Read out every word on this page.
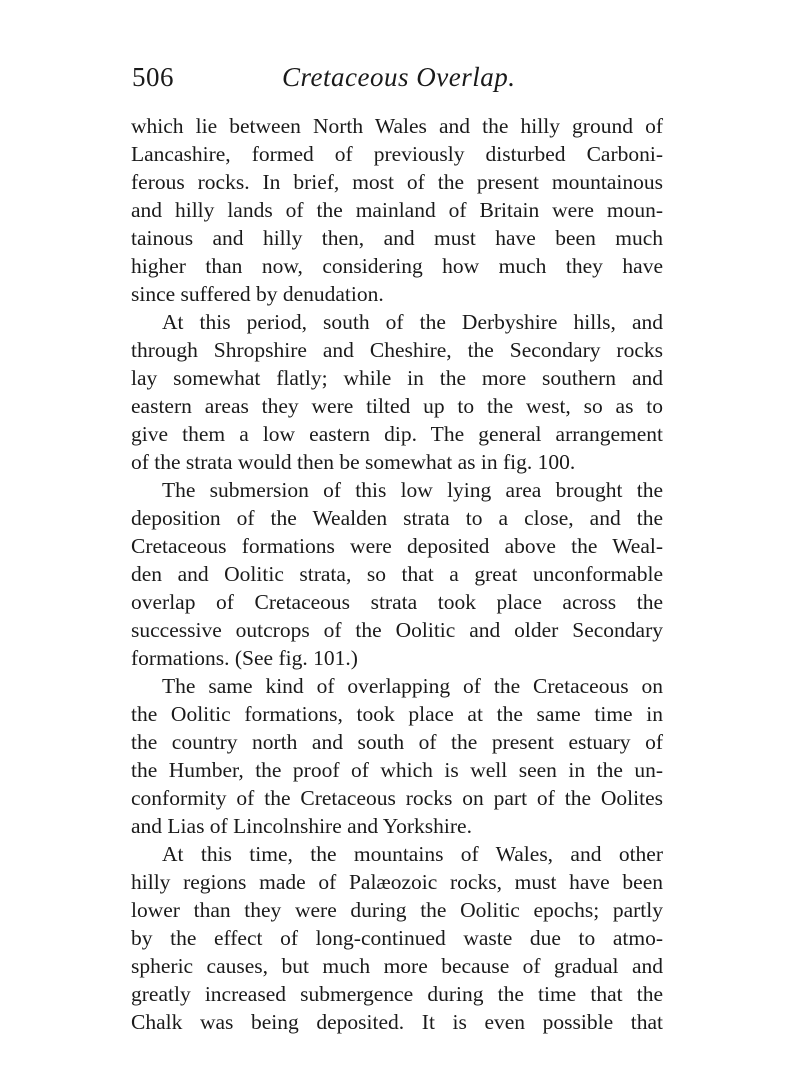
506	Cretaceous Overlap.
which lie between North Wales and the hilly ground of
Lancashire, formed of previously disturbed Carboni-
ferous rocks. In brief, most of the present mountainous
and hilly lands of the mainland of Britain were moun-
tainous and hilly then, and must have been much
higher than now, considering how much they have
since suffered by denudation.
At this period, south of the Derbyshire hills, and
through Shropshire and Cheshire, the Secondary rocks
lay somewhat flatly; while in the more southern and
eastern areas they were tilted up to the west, so as to
give them a low eastern dip. The general arrangement
of the strata would then be somewhat as in fig. 100.
The submersion of this low lying area brought the
deposition of the Wealden strata to a close, and the
Cretaceous formations were deposited above the Weal-
den and Oolitic strata, so that a great unconformable
overlap of Cretaceous strata took place across the
successive outcrops of the Oolitic and older Secondary
formations. (See fig. 101.)
The same kind of overlapping of the Cretaceous on
the Oolitic formations, took place at the same time in
the country north and south of the present estuary of
the Humber, the proof of which is well seen in the un-
conformity of the Cretaceous rocks on part of the Oolites
and Lias of Lincolnshire and Yorkshire.
At this time, the mountains of Wales, and other
hilly regions made of Palæozoic rocks, must have been
lower than they were during the Oolitic epochs; partly
by the effect of long-continued waste due to atmo-
spheric causes, but much more because of gradual and
greatly increased submergence during the time that the
Chalk was being deposited. It is even possible that
